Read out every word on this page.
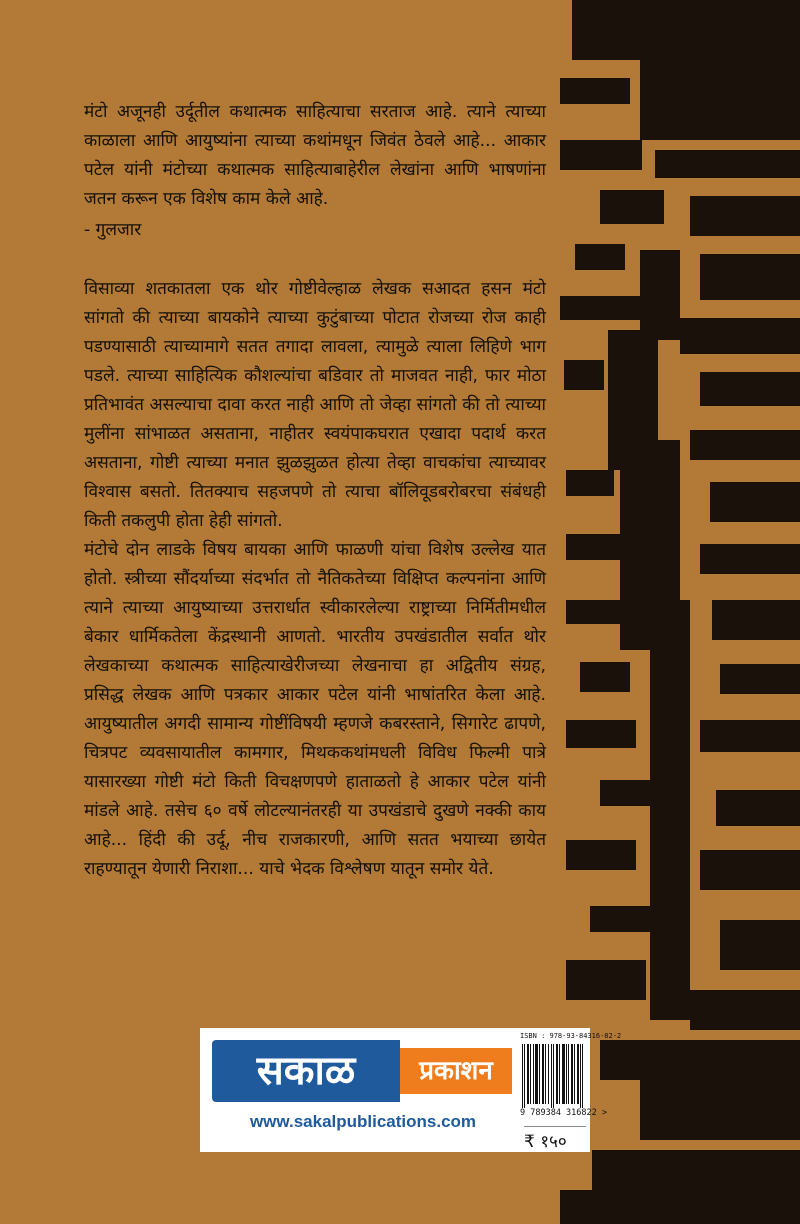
मंटो अजूनही उर्दूतील कथात्मक साहित्याचा सरताज आहे. त्याने त्याच्या काळाला आणि आयुष्यांना त्याच्या कथांमधून जिवंत ठेवले आहे... आकार पटेल यांनी मंटोच्या कथात्मक साहित्याबाहेरील लेखांना आणि भाषणांना जतन करून एक विशेष काम केले आहे.

- गुलजार

विसाव्या शतकातला एक थोर गोष्टीवेल्हाळ लेखक सआदत हसन मंटो सांगतो की त्याच्या बायकोने त्याच्या कुटुंबाच्या पोटात रोजच्या रोज काही पडण्यासाठी त्याच्यामागे सतत तगादा लावला, त्यामुळे त्याला लिहिणे भाग पडले. त्याच्या साहित्यिक कौशल्यांचा बडिवार तो माजवत नाही, फार मोठा प्रतिभावंत असल्याचा दावा करत नाही आणि तो जेव्हा सांगतो की तो त्याच्या मुलींना सांभाळत असताना, नाहीतर स्वयंपाकघरात एखादा पदार्थ करत असताना, गोष्टी त्याच्या मनात झुळझुळत होत्या तेव्हा वाचकांचा त्याच्यावर विश्वास बसतो. तितक्याच सहजपणे तो त्याचा बॉलिवूडबरोबरचा संबंधही किती तकलुपी होता हेही सांगतो.

मंटोचे दोन लाडके विषय बायका आणि फाळणी यांचा विशेष उल्लेख यात होतो. स्त्रीच्या सौंदर्याच्या संदर्भात तो नैतिकतेच्या विक्षिप्त कल्पनांना आणि त्याने त्याच्या आयुष्याच्या उत्तरार्धात स्वीकारलेल्या राष्ट्राच्या निर्मितीमधील बेकार धार्मिकतेला केंद्रस्थानी आणतो. भारतीय उपखंडातील सर्वात थोर लेखकाच्या कथात्मक साहित्याखेरीजच्या लेखनाचा हा अद्वितीय संग्रह, प्रसिद्ध लेखक आणि पत्रकार आकार पटेल यांनी भाषांतरित केला आहे. आयुष्यातील अगदी सामान्य गोष्टींविषयी म्हणजे कबरस्ताने, सिगारेट ढापणे, चित्रपट व्यवसायातील कामगार, मिथककथांमधली विविध फिल्मी पात्रे यासारख्या गोष्टी मंटो किती विचक्षणपणे हाताळतो हे आकार पटेल यांनी मांडले आहे. तसेच ६० वर्षे लोटल्यानंतरही या उपखंडाचे दुखणे नक्की काय आहे... हिंदी की उर्दू, नीच राजकारणी, आणि सतत भयाच्या छायेत राहण्यातून येणारी निराशा... याचे भेदक विश्लेषण यातून समोर येते.

सकाळ	प्रकाशन
www.sakalpublications.com
ISBN : 978-93-84316-82-2
9 789384 316822 >
₹ १५०
